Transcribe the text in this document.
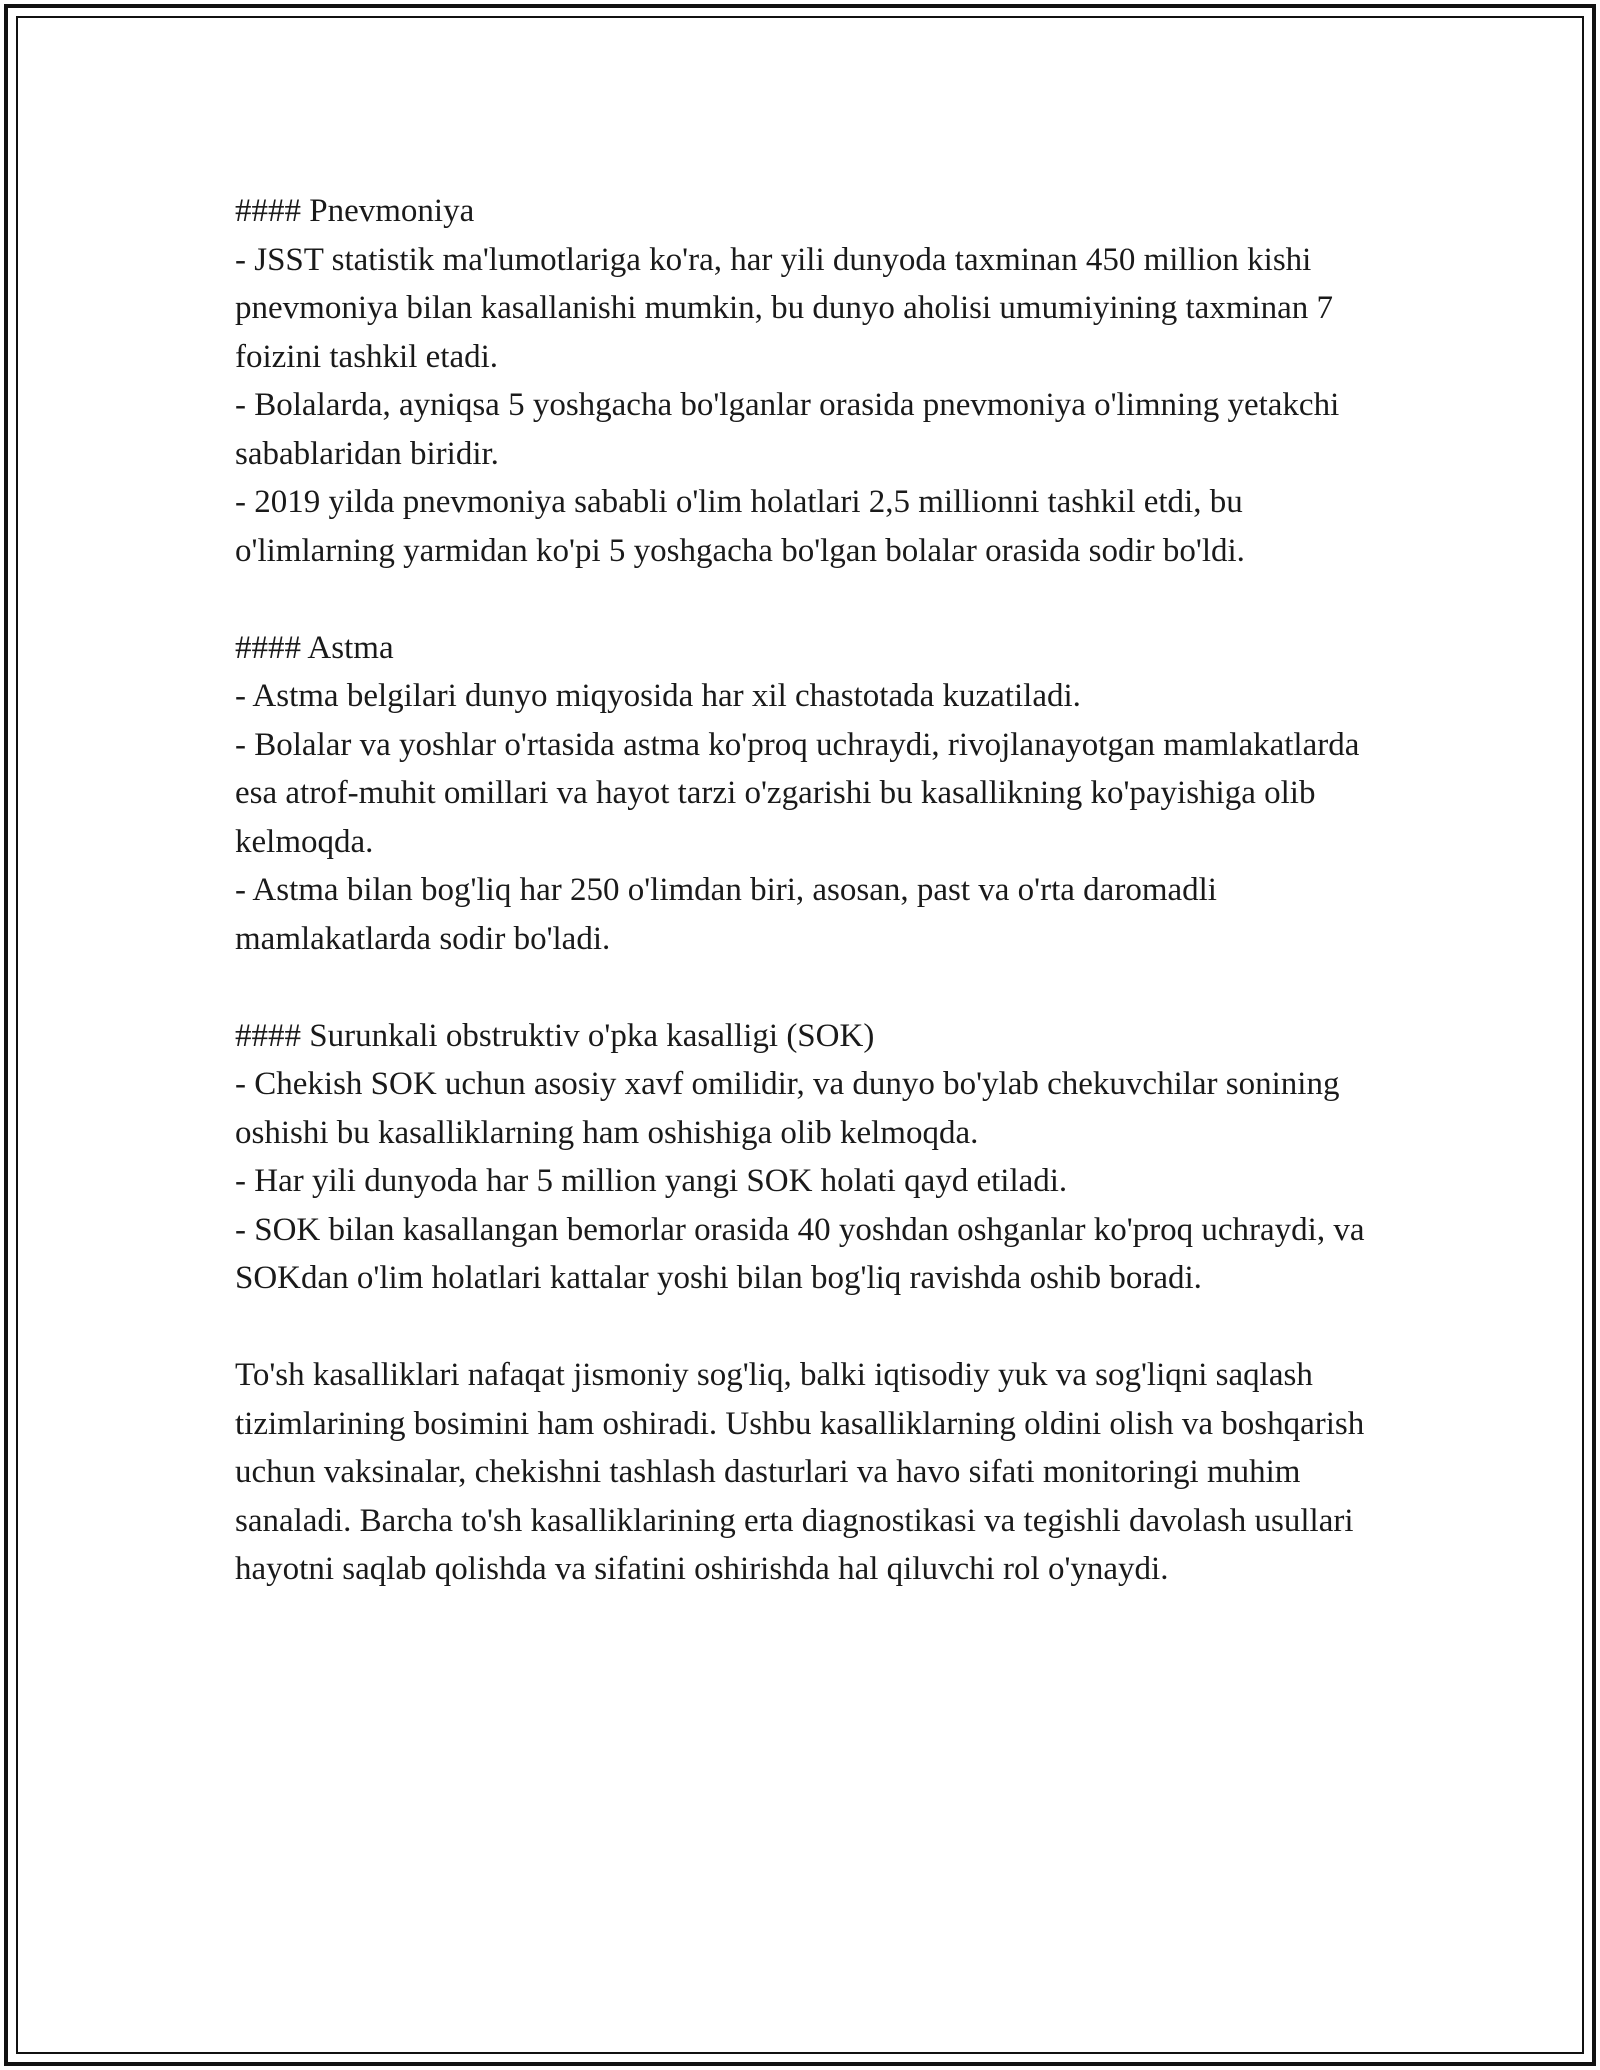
#### Pnevmoniya

- JSST statistik ma'lumotlariga ko'ra, har yili dunyoda taxminan 450 million kishi pnevmoniya bilan kasallanishi mumkin, bu dunyo aholisi umumiyining taxminan 7 foizini tashkil etadi.

- Bolalarda, ayniqsa 5 yoshgacha bo'lganlar orasida pnevmoniya o'limning yetakchi sabablaridan biridir.

- 2019 yilda pnevmoniya sababli o'lim holatlari 2,5 millionni tashkil etdi, bu o'limlarning yarmidan ko'pi 5 yoshgacha bo'lgan bolalar orasida sodir bo'ldi.

#### Astma

- Astma belgilari dunyo miqyosida har xil chastotada kuzatiladi.

- Bolalar va yoshlar o'rtasida astma ko'proq uchraydi, rivojlanayotgan mamlakatlarda esa atrof-muhit omillari va hayot tarzi o'zgarishi bu kasallikning ko'payishiga olib kelmoqda.

- Astma bilan bog'liq har 250 o'limdan biri, asosan, past va o'rta daromadli mamlakatlarda sodir bo'ladi.

#### Surunkali obstruktiv o'pka kasalligi (SOK)

- Chekish SOK uchun asosiy xavf omilidir, va dunyo bo'ylab chekuvchilar sonining oshishi bu kasalliklarning ham oshishiga olib kelmoqda.

- Har yili dunyoda har 5 million yangi SOK holati qayd etiladi.

- SOK bilan kasallangan bemorlar orasida 40 yoshdan oshganlar ko'proq uchraydi, va SOKdan o'lim holatlari kattalar yoshi bilan bog'liq ravishda oshib boradi.

To'sh kasalliklari nafaqat jismoniy sog'liq, balki iqtisodiy yuk va sog'liqni saqlash tizimlarining bosimini ham oshiradi. Ushbu kasalliklarning oldini olish va boshqarish uchun vaksinalar, chekishni tashlash dasturlari va havo sifati monitoringi muhim sanaladi. Barcha to'sh kasalliklarining erta diagnostikasi va tegishli davolash usullari hayotni saqlab qolishda va sifatini oshirishda hal qiluvchi rol o'ynaydi.
